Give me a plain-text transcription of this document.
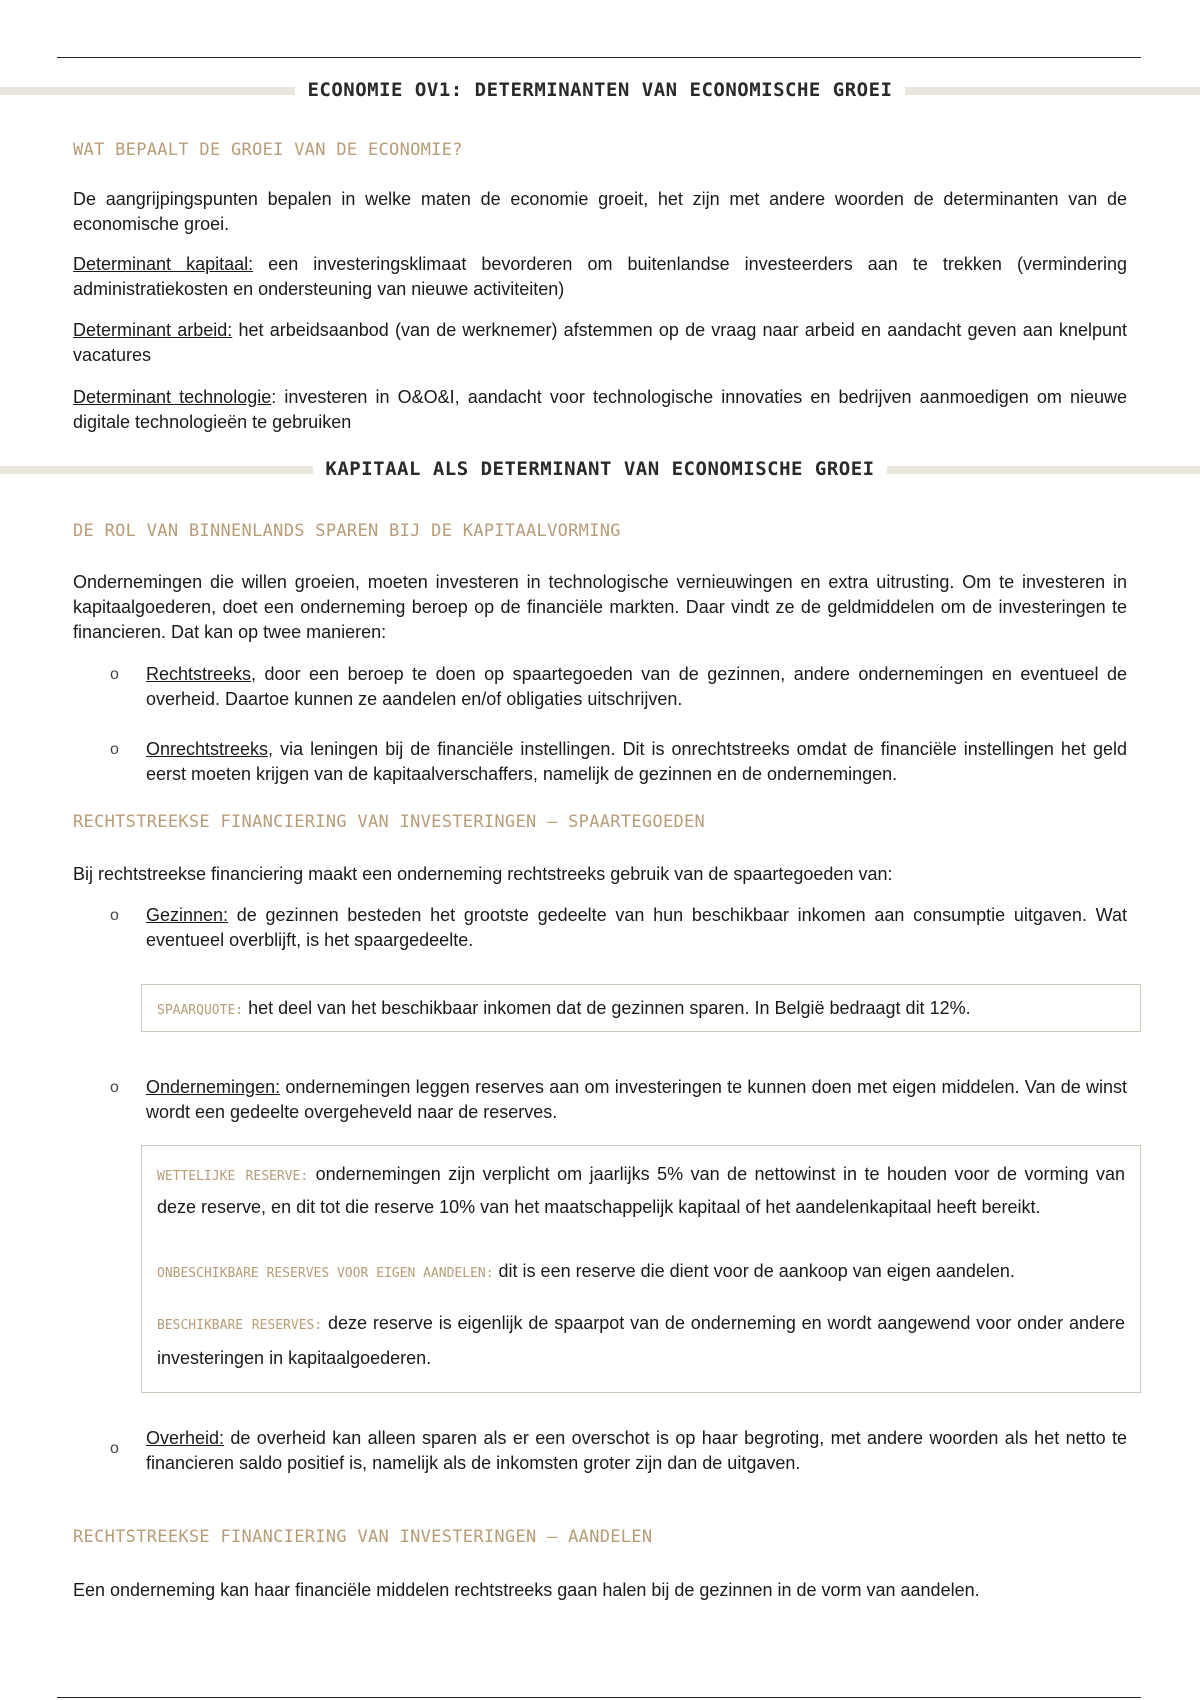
ECONOMIE OV1: DETERMINANTEN VAN ECONOMISCHE GROEI
WAT BEPAALT DE GROEI VAN DE ECONOMIE?
De aangrijpingspunten bepalen in welke maten de economie groeit, het zijn met andere woorden de determinanten van de economische groei.
Determinant kapitaal: een investeringsklimaat bevorderen om buitenlandse investeerders aan te trekken (vermindering administratiekosten en ondersteuning van nieuwe activiteiten)
Determinant arbeid: het arbeidsaanbod (van de werknemer) afstemmen op de vraag naar arbeid en aandacht geven aan knelpunt vacatures
Determinant technologie: investeren in O&O&I, aandacht voor technologische innovaties en bedrijven aanmoedigen om nieuwe digitale technologieën te gebruiken
KAPITAAL ALS DETERMINANT VAN ECONOMISCHE GROEI
DE ROL VAN BINNENLANDS SPAREN BIJ DE KAPITAALVORMING
Ondernemingen die willen groeien, moeten investeren in technologische vernieuwingen en extra uitrusting. Om te investeren in kapitaalgoederen, doet een onderneming beroep op de financiële markten. Daar vindt ze de geldmiddelen om de investeringen te financieren. Dat kan op twee manieren:
o Rechtstreeks, door een beroep te doen op spaartegoeden van de gezinnen, andere ondernemingen en eventueel de overheid. Daartoe kunnen ze aandelen en/of obligaties uitschrijven.
o Onrechtstreeks, via leningen bij de financiële instellingen. Dit is onrechtstreeks omdat de financiële instellingen het geld eerst moeten krijgen van de kapitaalverschaffers, namelijk de gezinnen en de ondernemingen.
RECHTSTREEKSE FINANCIERING VAN INVESTERINGEN – SPAARTEGOEDEN
Bij rechtstreekse financiering maakt een onderneming rechtstreeks gebruik van de spaartegoeden van:
o Gezinnen: de gezinnen besteden het grootste gedeelte van hun beschikbaar inkomen aan consumptie uitgaven. Wat eventueel overblijft, is het spaargedeelte.
SPAARQUOTE: het deel van het beschikbaar inkomen dat de gezinnen sparen. In België bedraagt dit 12%.
o Ondernemingen: ondernemingen leggen reserves aan om investeringen te kunnen doen met eigen middelen. Van de winst wordt een gedeelte overgeheveld naar de reserves.
WETTELIJKE RESERVE: ondernemingen zijn verplicht om jaarlijks 5% van de nettowinst in te houden voor de vorming van deze reserve, en dit tot die reserve 10% van het maatschappelijk kapitaal of het aandelenkapitaal heeft bereikt.
ONBESCHIKBARE RESERVES VOOR EIGEN AANDELEN: dit is een reserve die dient voor de aankoop van eigen aandelen.
BESCHIKBARE RESERVES: deze reserve is eigenlijk de spaarpot van de onderneming en wordt aangewend voor onder andere investeringen in kapitaalgoederen.
o
Overheid: de overheid kan alleen sparen als er een overschot is op haar begroting, met andere woorden als het netto te financieren saldo positief is, namelijk als de inkomsten groter zijn dan de uitgaven.
RECHTSTREEKSE FINANCIERING VAN INVESTERINGEN – AANDELEN
Een onderneming kan haar financiële middelen rechtstreeks gaan halen bij de gezinnen in de vorm van aandelen.
